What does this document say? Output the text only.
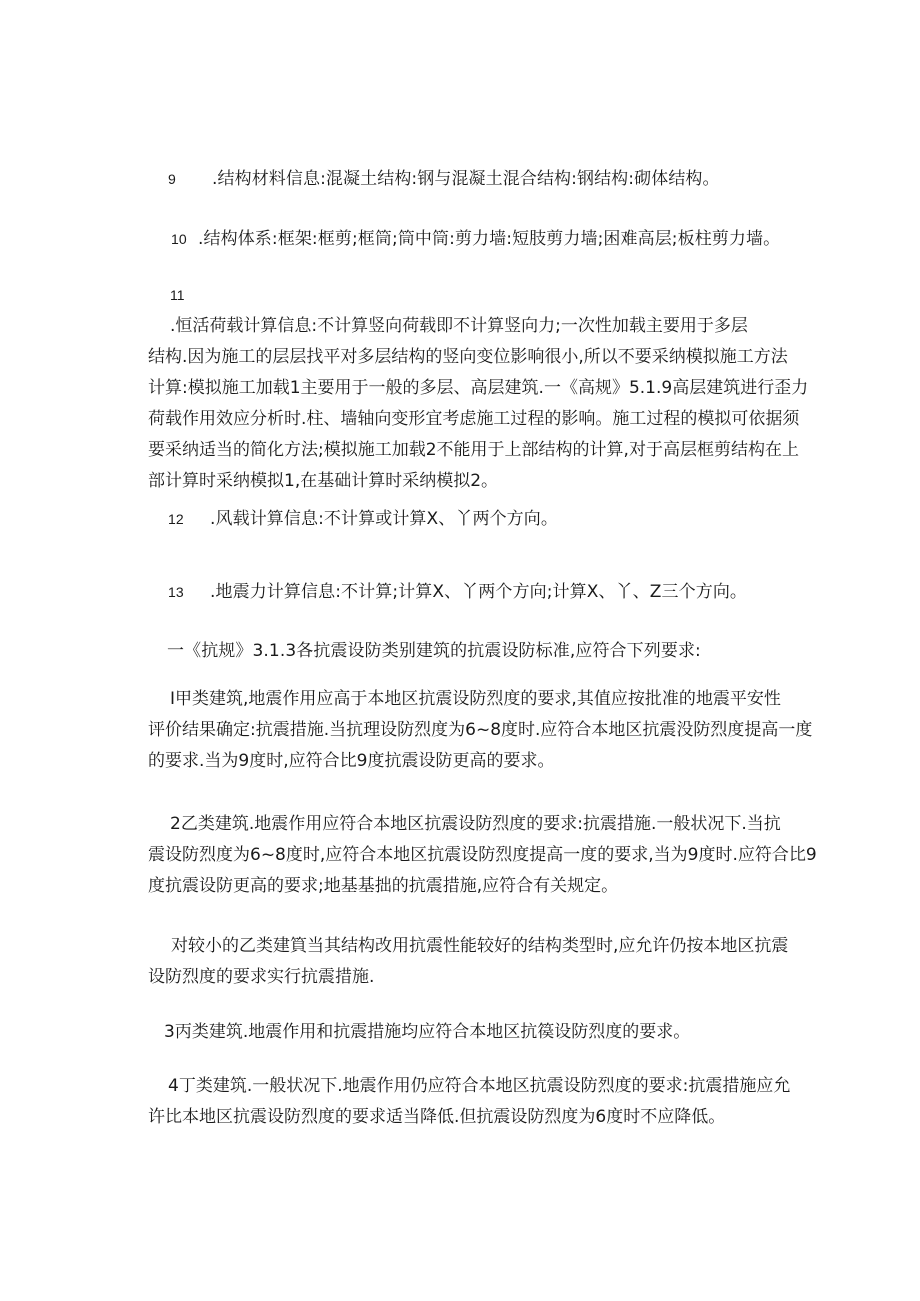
9 .结构材料信息:混凝土结构:钢与混凝土混合结构:钢结构:砌体结构。
10 .结构体系:框架:框剪;框筒;筒中筒:剪力墙:短肢剪力墙;困难高层;板柱剪力墙。
11
.恒活荷载计算信息:不计算竖向荷载即不计算竖向力;一次性加载主要用于多层
结构.因为施工的层层找平对多层结构的竖向变位影响很小,所以不要采纳模拟施工方法
计算:模拟施工加载1主要用于一般的多层、高层建筑.一《高规》5.1.9高层建筑进行歪力
荷载作用效应分析时.柱、墙轴向变形宜考虑施工过程的影响。施工过程的模拟可依据须
要采纳适当的简化方法;模拟施工加载2不能用于上部结构的计算,对于高层框剪结构在上
部计算时采纳模拟1,在基础计算时采纳模拟2。
12 .风载计算信息:不计算或计算X、丫两个方向。
13 .地震力计算信息:不计算;计算X、丫两个方向;计算X、丫、Z三个方向。
一《抗规》3.1.3各抗震设防类别建筑的抗震设防标准,应符合下列要求:
I甲类建筑,地震作用应高于本地区抗震设防烈度的要求,其值应按批准的地震平安性
评价结果确定:抗震措施.当抗理设防烈度为6~8度时.应符合本地区抗震没防烈度提高一度
的要求.当为9度时,应符合比9度抗震设防更高的要求。
2乙类建筑.地震作用应符合本地区抗震设防烈度的要求:抗震措施.一般状况下.当抗
震设防烈度为6~8度时,应符合本地区抗震设防烈度提高一度的要求,当为9度时.应符合比9
度抗震设防更高的要求;地基基拙的抗震措施,应符合有关规定。
对较小的乙类建筫当其结构改用抗震性能较好的结构类型时,应允许仍按本地区抗震
设防烈度的要求实行抗震措施.
3丙类建筑.地震作用和抗震措施均应符合本地区抗篌设防烈度的要求。
4丁类建筑.一般状况下.地震作用仍应符合本地区抗震设防烈度的要求:抗震措施应允
许比本地区抗震设防烈度的要求适当降低.但抗震设防烈度为6度时不应降低。
